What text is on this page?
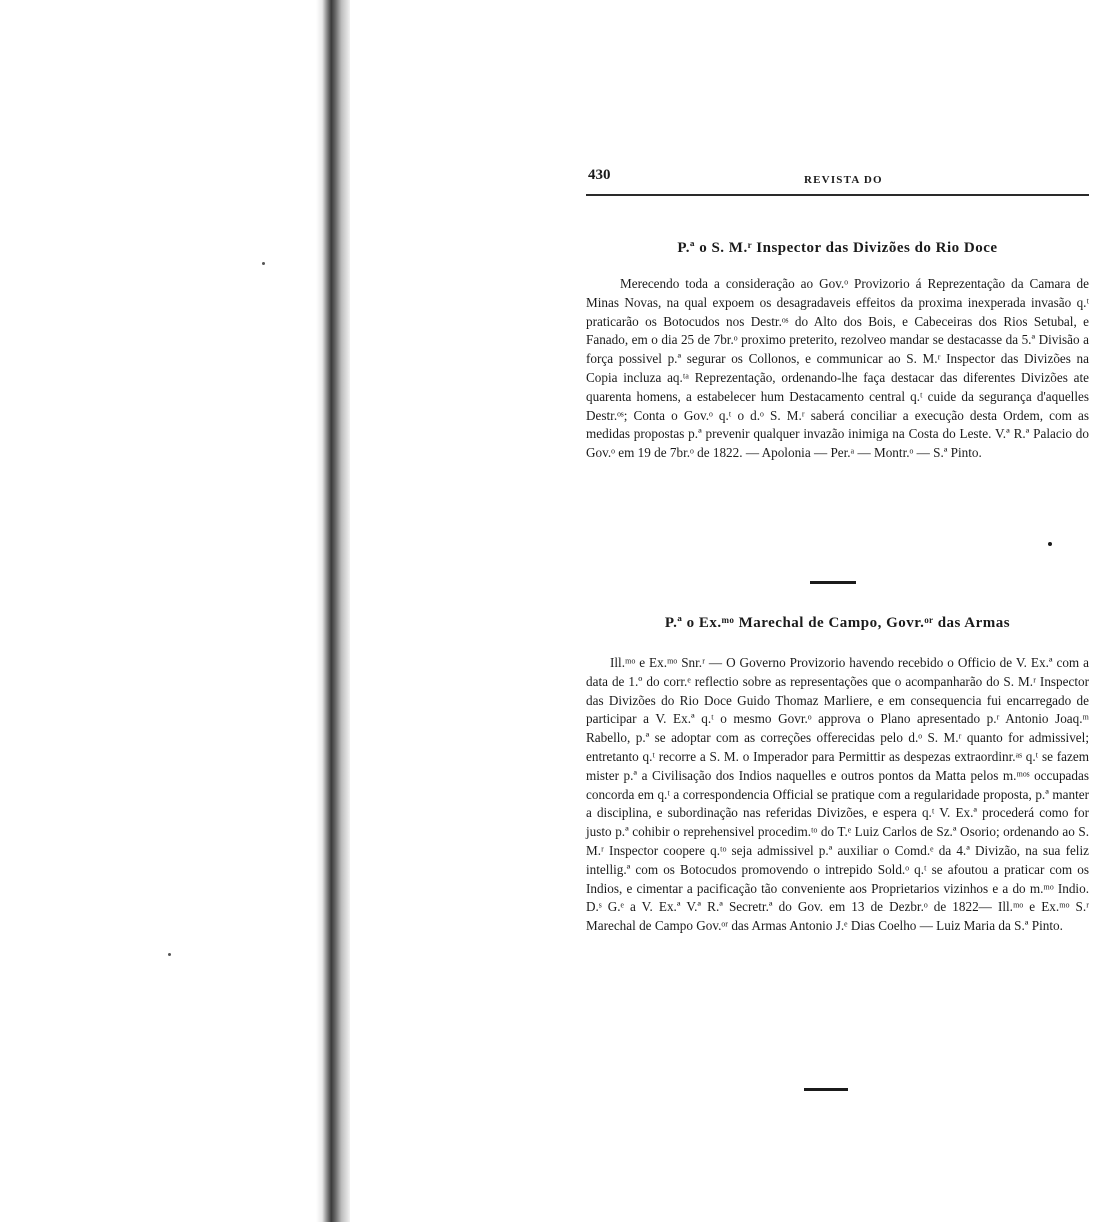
430	REVISTA DO
P.ª o S. M.ʳ Inspector das Divizões do Rio Doce

Merecendo toda a consideração ao Gov.ᵒ Provizorio á Reprezentação da Camara de Minas Novas, na qual expoem os desagradaveis effeitos da proxima inexperada invasão q.ᵗ praticarão os Botocudos nos Destr.ᵒˢ do Alto dos Bois, e Cabeceiras dos Rios Setubal, e Fanado, em o dia 25 de 7br.ᵒ proximo preterito, rezolveo mandar se destacasse da 5.ª Divisão a força possivel p.ª segurar os Collonos, e communicar ao S. M.ʳ Inspector das Divizões na Copia incluza aq.ᵗᵃ Reprezentação, ordenando-lhe faça destacar das diferentes Divizões ate quarenta homens, a estabelecer hum Destacamento central q.ᵗ cuide da segurança d'aquelles Destr.ᵒˢ; Conta o Gov.ᵒ q.ᵗ o d.ᵒ S. M.ʳ saberá conciliar a execução desta Ordem, com as medidas propostas p.ª prevenir qualquer invazão inimiga na Costa do Leste. V.ª R.ª Palacio do Gov.ᵒ em 19 de 7br.ᵒ de 1822. — Apolonia — Per.ᵃ — Montr.ᵒ — S.ª Pinto.

P.ª o Ex.ᵐᵒ Marechal de Campo, Govr.ᵒʳ das Armas

Ill.ᵐᵒ e Ex.ᵐᵒ Snr.ʳ — O Governo Provizorio havendo recebido o Officio de V. Ex.ª com a data de 1.º do corr.ᵉ reflectio sobre as representações que o acompanharão do S. M.ʳ Inspector das Divizões do Rio Doce Guido Thomaz Marliere, e em consequencia fui encarregado de participar a V. Ex.ª q.ᵗ o mesmo Govr.ᵒ approva o Plano apresentado p.ʳ Antonio Joaq.ᵐ Rabello, p.ª se adoptar com as correções offerecidas pelo d.ᵒ S. M.ʳ quanto for admissivel; entretanto q.ᵗ recorre a S. M. o Imperador para Permittir as despezas extraordinr.ᵃˢ q.ᵗ se fazem mister p.ª a Civilisação dos Indios naquelles e outros pontos da Matta pelos m.ᵐᵒˢ occupadas concorda em q.ᵗ a correspondencia Official se pratique com a regularidade proposta, p.ª manter a disciplina, e subordinação nas referidas Divizões, e espera q.ᵗ V. Ex.ª procederá como for justo p.ª cohibir o reprehensivel procedim.ᵗᵒ do T.ᵉ Luiz Carlos de Sz.ª Osorio; ordenando ao S. M.ʳ Inspector coopere q.ᵗᵒ seja admissivel p.ª auxiliar o Comd.ᵉ da 4.ª Divizão, na sua feliz intellig.ª com os Botocudos promovendo o intrepido Sold.ᵒ q.ᵗ se afoutou a praticar com os Indios, e cimentar a pacificação tão conveniente aos Proprietarios vizinhos e a do m.ᵐᵒ Indio. D.ˢ G.ᵉ a V. Ex.ª V.ª R.ª Secretr.ª do Gov. em 13 de Dezbr.ᵒ de 1822— Ill.ᵐᵒ e Ex.ᵐᵒ S.ʳ Marechal de Campo Gov.ᵒʳ das Armas Antonio J.ᵉ Dias Coelho — Luiz Maria da S.ª Pinto.
